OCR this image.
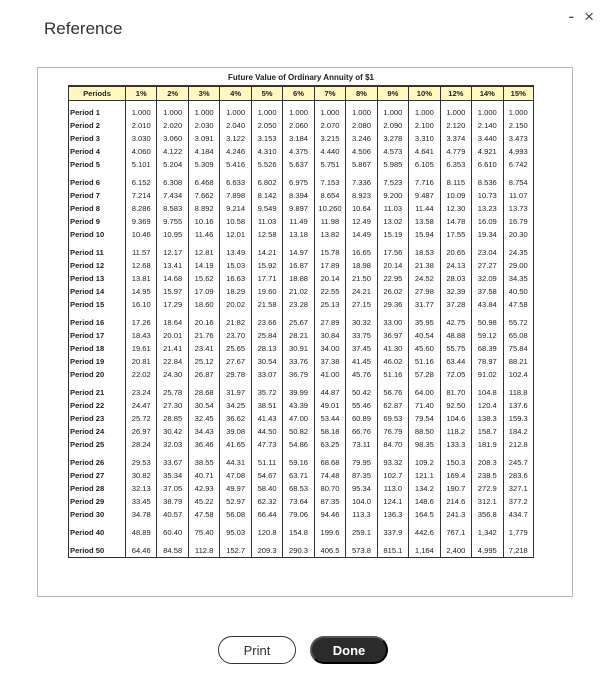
Reference
- ×
Future Value of Ordinary Annuity of $1
Periods	1%	2%	3%	4%	5%	6%	7%	8%	9%	10%	12%	14%	15%
Period 1	1.000	1.000	1.000	1.000	1.000	1.000	1.000	1.000	1.000	1.000	1.000	1.000	1.000
Period 2	2.010	2.020	2.030	2.040	2.050	2.060	2.070	2.080	2.090	2.100	2.120	2.140	2.150
Period 3	3.030	3.060	3.091	3.122	3.153	3.184	3.215	3.246	3.278	3.310	3.374	3.440	3.473
Period 4	4.060	4.122	4.184	4.246	4.310	4.375	4.440	4.506	4.573	4.641	4.779	4.921	4.993
Period 5	5.101	5.204	5.309	5.416	5.526	5.637	5.751	5.867	5.985	6.105	6.353	6.610	6.742
Period 6	6.152	6.308	6.468	6.633	6.802	6.975	7.153	7.336	7.523	7.716	8.115	8.536	8.754
Period 7	7.214	7.434	7.662	7.898	8.142	8.394	8.654	8.923	9.200	9.487	10.09	10.73	11.07
Period 8	8.286	8.583	8.892	9.214	9.549	9.897	10.260	10.64	11.03	11.44	12.30	13.23	13.73
Period 9	9.369	9.755	10.16	10.58	11.03	11.49	11.98	12.49	13.02	13.58	14.78	16.09	16.79
Period 10	10.46	10.95	11.46	12.01	12.58	13.18	13.82	14.49	15.19	15.94	17.55	19.34	20.30
Period 11	11.57	12.17	12.81	13.49	14.21	14.97	15.78	16.65	17.56	18.53	20.65	23.04	24.35
Period 12	12.68	13.41	14.19	15.03	15.92	16.87	17.89	18.98	20.14	21.38	24.13	27.27	29.00
Period 13	13.81	14.68	15.62	16.63	17.71	18.88	20.14	21.50	22.95	24.52	28.03	32.09	34.35
Period 14	14.95	15.97	17.09	18.29	19.60	21.02	22.55	24.21	26.02	27.98	32.39	37.58	40.50
Period 15	16.10	17.29	18.60	20.02	21.58	23.28	25.13	27.15	29.36	31.77	37.28	43.84	47.58
Period 16	17.26	18.64	20.16	21.82	23.66	25.67	27.89	30.32	33.00	35.95	42.75	50.98	55.72
Period 17	18.43	20.01	21.76	23.70	25.84	28.21	30.84	33.75	36.97	40.54	48.88	59.12	65.08
Period 18	19.61	21.41	23.41	25.65	28.13	30.91	34.00	37.45	41.30	45.60	55.75	68.39	75.84
Period 19	20.81	22.84	25.12	27.67	30.54	33.76	37.38	41.45	46.02	51.16	63.44	78.97	88.21
Period 20	22.02	24.30	26.87	29.78	33.07	36.79	41.00	45.76	51.16	57.28	72.05	91.02	102.4
Period 21	23.24	25.78	28.68	31.97	35.72	39.99	44.87	50.42	56.76	64.00	81.70	104.8	118.8
Period 22	24.47	27.30	30.54	34.25	38.51	43.39	49.01	55.46	62.87	71.40	92.50	120.4	137.6
Period 23	25.72	28.85	32.45	36.62	41.43	47.00	53.44	60.89	69.53	79.54	104.6	138.3	159.3
Period 24	26.97	30.42	34.43	39.08	44.50	50.82	58.18	66.76	76.79	88.50	118.2	158.7	184.2
Period 25	28.24	32.03	36.46	41.65	47.73	54.86	63.25	73.11	84.70	98.35	133.3	181.9	212.8
Period 26	29.53	33.67	38.55	44.31	51.11	59.16	68.68	79.95	93.32	109.2	150.3	208.3	245.7
Period 27	30.82	35.34	40.71	47.08	54.67	63.71	74.48	87.35	102.7	121.1	169.4	238.5	283.6
Period 28	32.13	37.05	42.93	49.97	58.40	68.53	80.70	95.34	113.0	134.2	190.7	272.9	327.1
Period 29	33.45	38.79	45.22	52.97	62.32	73.64	87.35	104.0	124.1	148.6	214.6	312.1	377.2
Period 30	34.78	40.57	47.58	56.08	66.44	79.06	94.46	113.3	136.3	164.5	241.3	356.8	434.7
Period 40	48.89	60.40	75.40	95.03	120.8	154.8	199.6	259.1	337.9	442.6	767.1	1,342	1,779
Period 50	64.46	84.58	112.8	152.7	209.3	290.3	406.5	573.8	815.1	1,164	2,400	4,995	7,218
Print	Done
